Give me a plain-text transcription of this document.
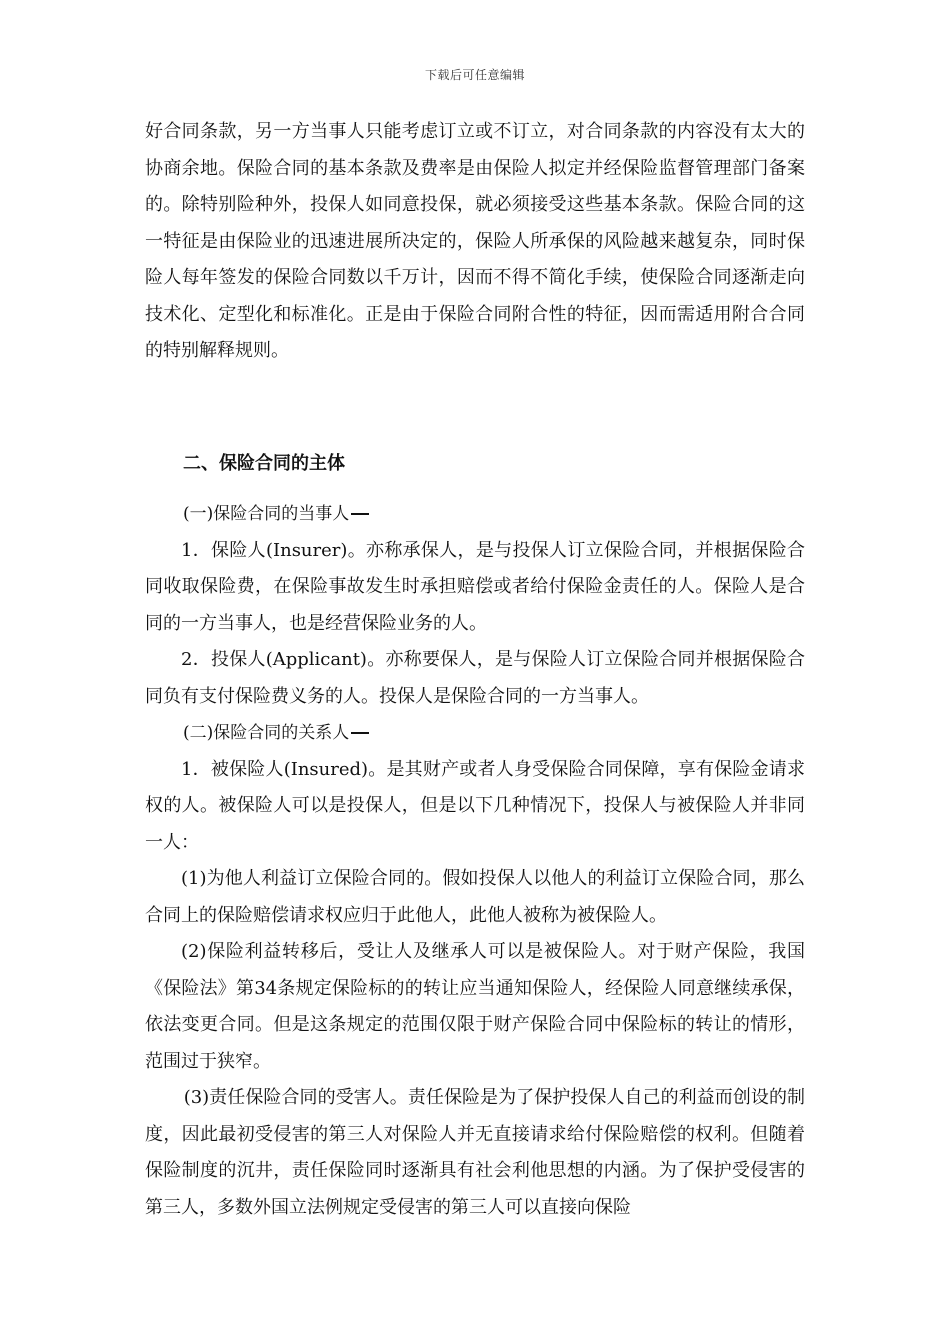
下载后可任意编辑

好合同条款，另一方当事人只能考虑订立或不订立，对合同条款的内容没有太大的协商余地。保险合同的基本条款及费率是由保险人拟定并经保险监督管理部门备案的。除特别险种外，投保人如同意投保，就必须接受这些基本条款。保险合同的这一特征是由保险业的迅速进展所决定的，保险人所承保的风险越来越复杂，同时保险人每年签发的保险合同数以千万计，因而不得不简化手续，使保险合同逐渐走向技术化、定型化和标准化。正是由于保险合同附合性的特征，因而需适用附合合同的特别解释规则。

二、保险合同的主体

(一)保险合同的当事人

1．保险人(Insurer)。亦称承保人，是与投保人订立保险合同，并根据保险合同收取保险费，在保险事故发生时承担赔偿或者给付保险金责任的人。保险人是合同的一方当事人，也是经营保险业务的人。

2．投保人(Applicant)。亦称要保人，是与保险人订立保险合同并根据保险合同负有支付保险费义务的人。投保人是保险合同的一方当事人。

(二)保险合同的关系人

1．被保险人(Insured)。是其财产或者人身受保险合同保障，享有保险金请求权的人。被保险人可以是投保人，但是以下几种情况下，投保人与被保险人并非同一人：

(1)为他人利益订立保险合同的。假如投保人以他人的利益订立保险合同，那么合同上的保险赔偿请求权应归于此他人，此他人被称为被保险人。

(2)保险利益转移后，受让人及继承人可以是被保险人。对于财产保险，我国《保险法》第34条规定保险标的的转让应当通知保险人，经保险人同意继续承保，依法变更合同。但是这条规定的范围仅限于财产保险合同中保险标的转让的情形，范围过于狭窄。

(3)责任保险合同的受害人。责任保险是为了保护投保人自己的利益而创设的制度，因此最初受侵害的第三人对保险人并无直接请求给付保险赔偿的权利。但随着保险制度的沉井，责任保险同时逐渐具有社会利他思想的内涵。为了保护受侵害的第三人，多数外国立法例规定受侵害的第三人可以直接向保险
